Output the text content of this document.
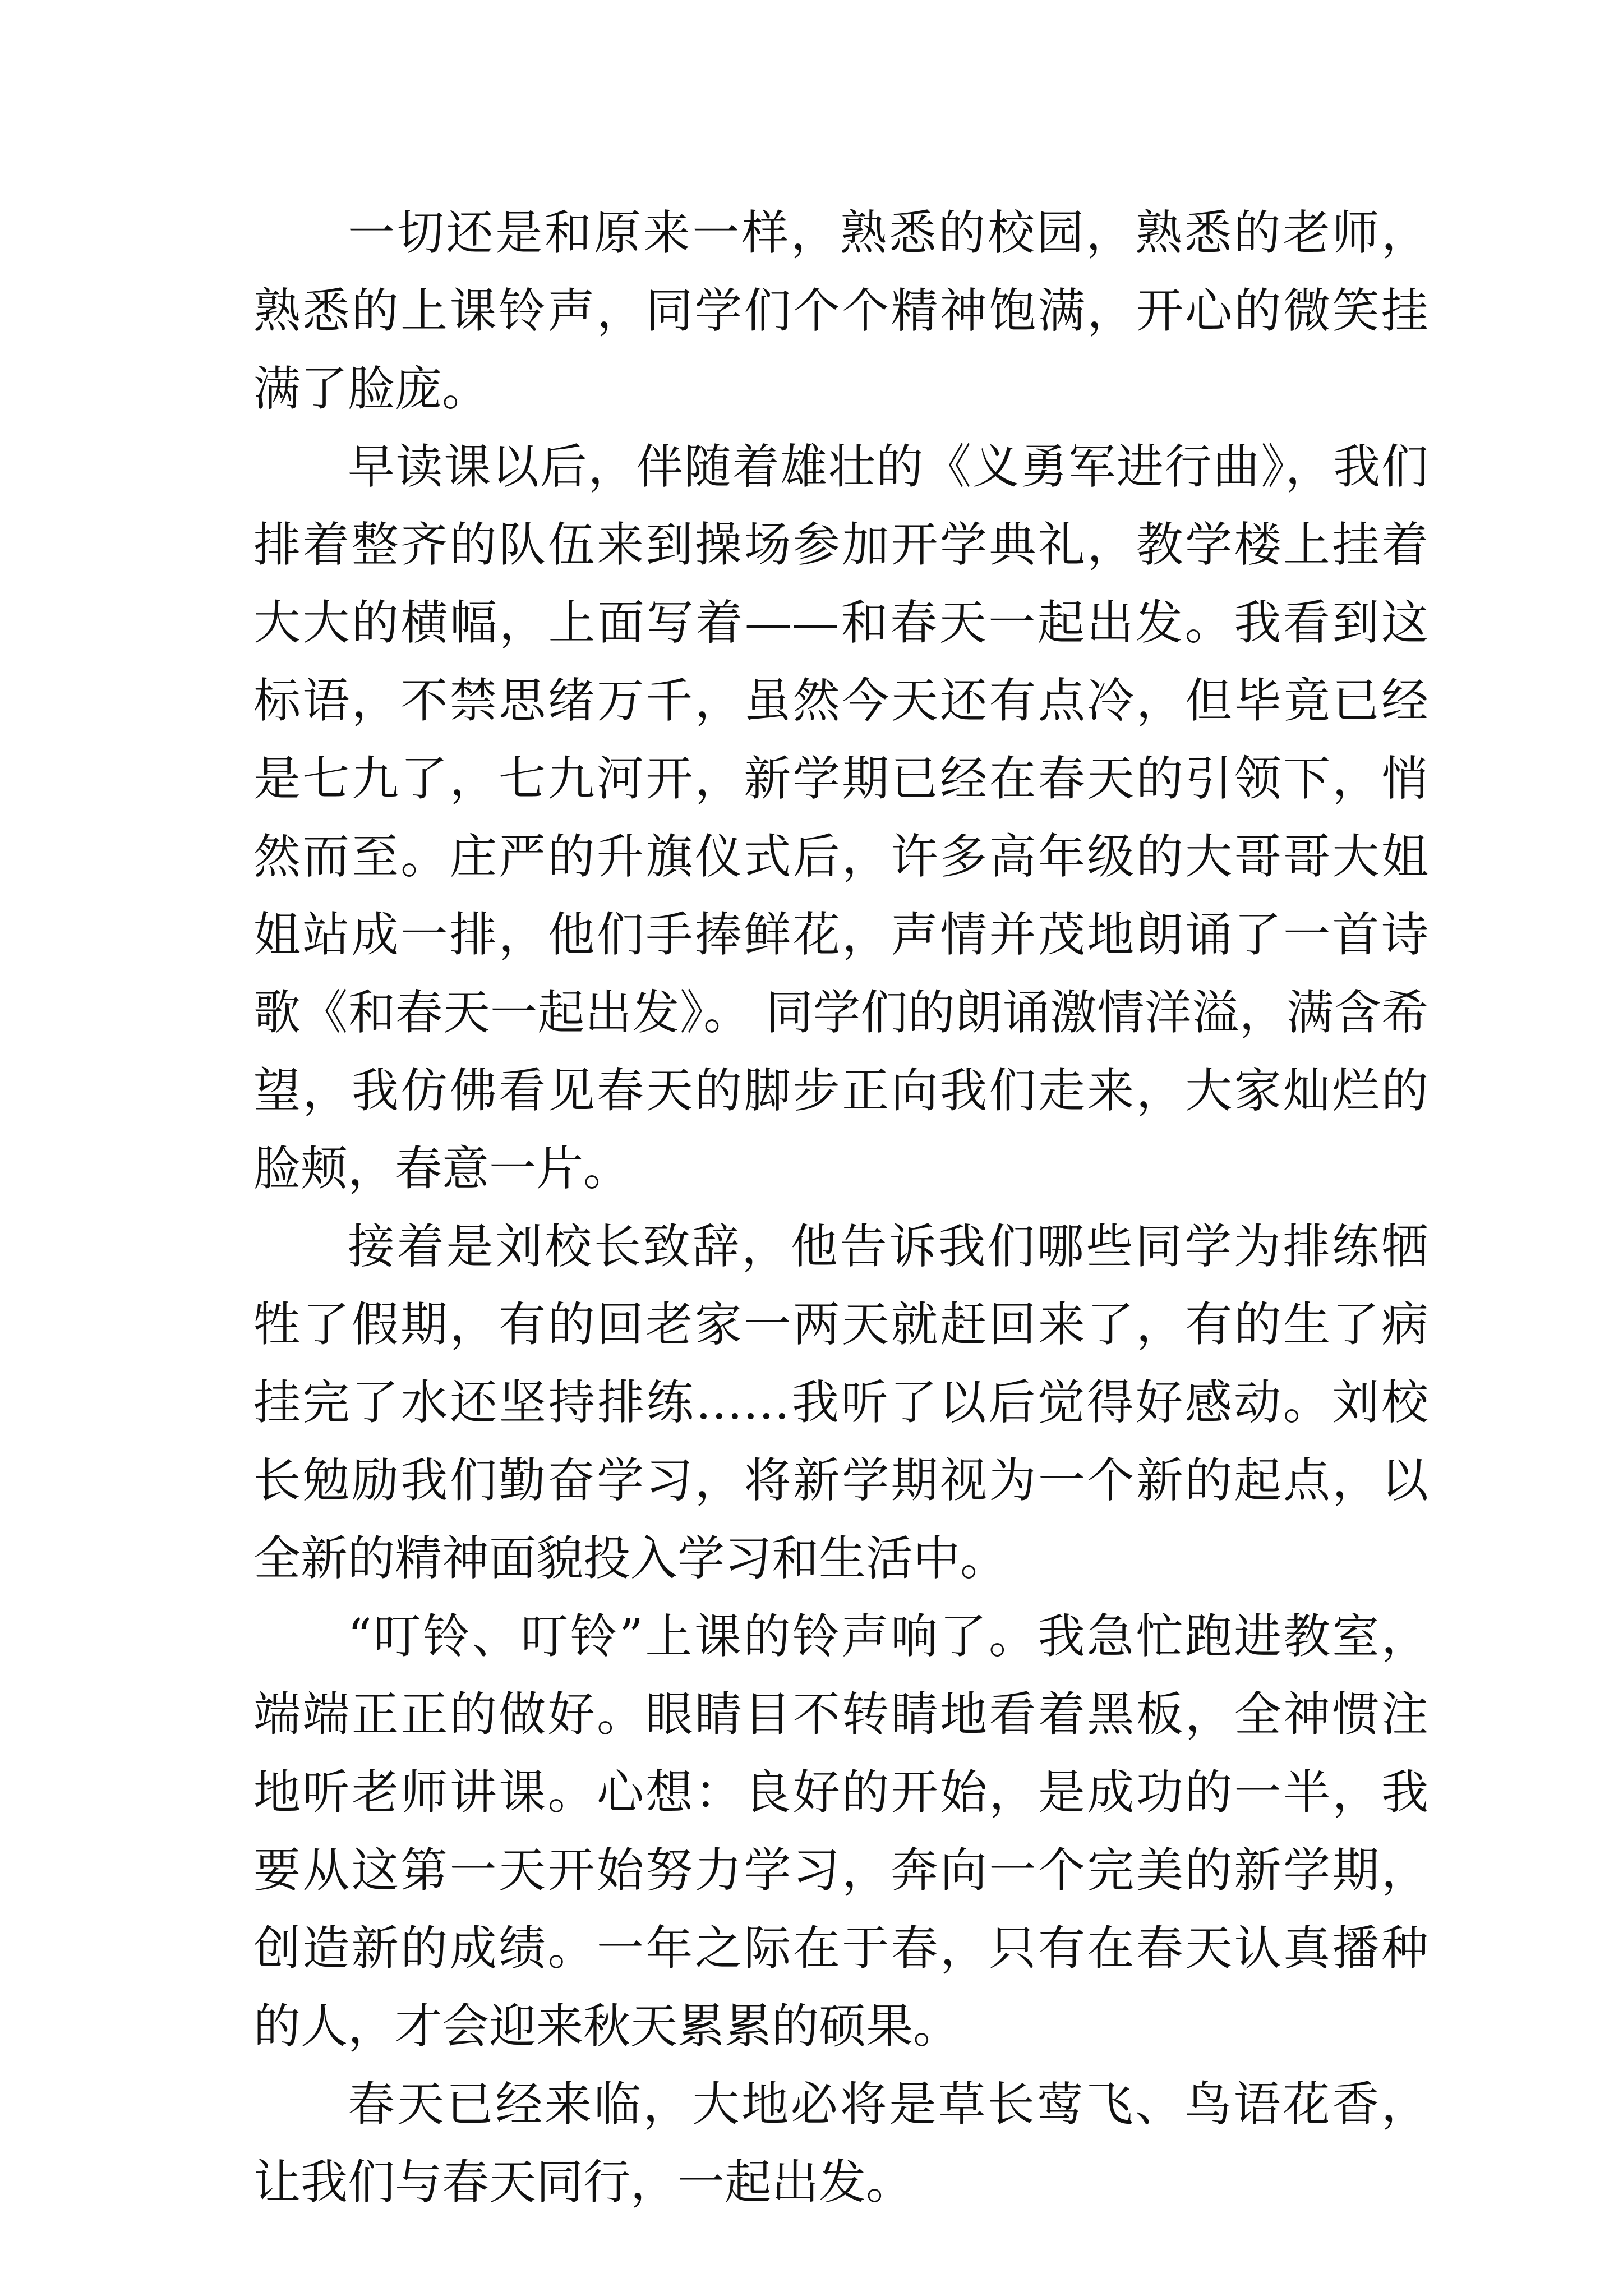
一切还是和原来一样，熟悉的校园，熟悉的老师，熟悉的上课铃声，同学们个个精神饱满，开心的微笑挂满了脸庞。

早读课以后，伴随着雄壮的《义勇军进行曲》，我们排着整齐的队伍来到操场参加开学典礼，教学楼上挂着大大的横幅，上面写着——和春天一起出发。我看到这标语，不禁思绪万千，虽然今天还有点冷，但毕竟已经是七九了，七九河开，新学期已经在春天的引领下，悄然而至。庄严的升旗仪式后，许多高年级的大哥哥大姐姐站成一排，他们手捧鲜花，声情并茂地朗诵了一首诗歌《和春天一起出发》。 同学们的朗诵激情洋溢，满含希望，我仿佛看见春天的脚步正向我们走来，大家灿烂的脸颊，春意一片。

接着是刘校长致辞，他告诉我们哪些同学为排练牺牲了假期，有的回老家一两天就赶回来了，有的生了病挂完了水还坚持排练……我听了以后觉得好感动。刘校长勉励我们勤奋学习，将新学期视为一个新的起点，以全新的精神面貌投入学习和生活中。

“叮铃、叮铃”上课的铃声响了。我急忙跑进教室，端端正正的做好。眼睛目不转睛地看着黑板，全神惯注地听老师讲课。心想：良好的开始，是成功的一半，我要从这第一天开始努力学习，奔向一个完美的新学期，创造新的成绩。一年之际在于春，只有在春天认真播种的人，才会迎来秋天累累的硕果。

春天已经来临，大地必将是草长莺飞、鸟语花香，让我们与春天同行，一起出发。
